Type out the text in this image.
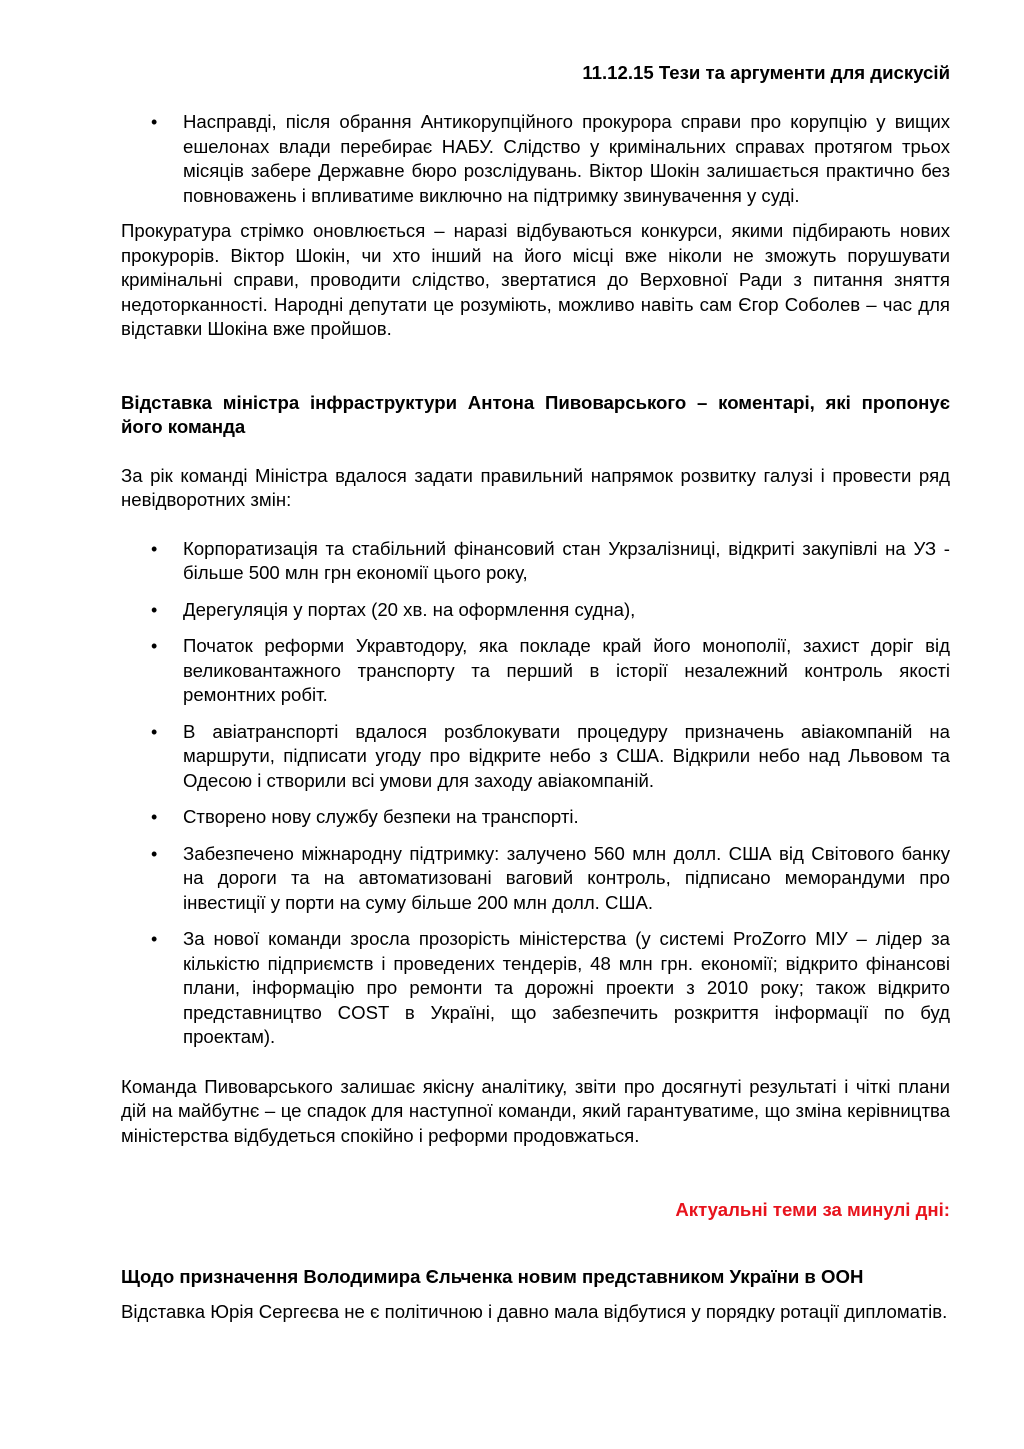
11.12.15 Тези та аргументи для дискусій
• Насправді, після обрання Антикорупційного прокурора справи про корупцію у вищих ешелонах влади перебирає НАБУ. Слідство у кримінальних справах протягом трьох місяців забере Державне бюро розслідувань. Віктор Шокін залишається практично без повноважень і впливатиме виключно на підтримку звинувачення у суді.

Прокуратура стрімко оновлюється – наразі відбуваються конкурси, якими підбирають нових прокурорів. Віктор Шокін, чи хто інший на його місці вже ніколи не зможуть порушувати кримінальні справи, проводити слідство, звертатися до Верховної Ради з питання зняття недоторканності. Народні депутати це розуміють, можливо навіть сам Єгор Соболев – час для відставки Шокіна вже пройшов.

Відставка міністра інфраструктури Антона Пивоварського – коментарі, які пропонує його команда

За рік команді Міністра вдалося задати правильний напрямок розвитку галузі і провести ряд невідворотних змін:

• Корпоратизація та стабільний фінансовий стан Укрзалізниці, відкриті закупівлі на УЗ - більше 500 млн грн економії цього року,
• Дерегуляція у портах (20 хв. на оформлення судна),
• Початок реформи Укравтодору, яка покладе край його монополії, захист доріг від великовантажного транспорту та перший в історії незалежний контроль якості ремонтних робіт.
• В авіатранспорті вдалося розблокувати процедуру призначень авіакомпаній на маршрути, підписати угоду про відкрите небо з США. Відкрили небо над Львовом та Одесою і створили всі умови для заходу авіакомпаній.
• Створено нову службу безпеки на транспорті.
• Забезпечено міжнародну підтримку: залучено 560 млн долл. США від Світового банку на дороги та на автоматизовані ваговий контроль, підписано меморандуми про інвестиції у порти на суму більше 200 млн долл. США.
• За нової команди зросла прозорість міністерства (у системі ProZorro МІУ – лідер за кількістю підприємств і проведених тендерів, 48 млн грн. економії; відкрито фінансові плани, інформацію про ремонти та дорожні проекти з 2010 року; також відкрито представництво COST в Україні, що забезпечить розкриття інформації по буд проектам).

Команда Пивоварського залишає якісну аналітику, звіти про досягнуті результаті і чіткі плани дій на майбутнє – це спадок для наступної команди, який гарантуватиме, що зміна керівництва міністерства відбудеться спокійно і реформи продовжаться.

Актуальні теми за минулі дні:

Щодо призначення Володимира Єльченка новим представником України в ООН

Відставка Юрія Сергеєва не є політичною і давно мала відбутися у порядку ротації дипломатів.
